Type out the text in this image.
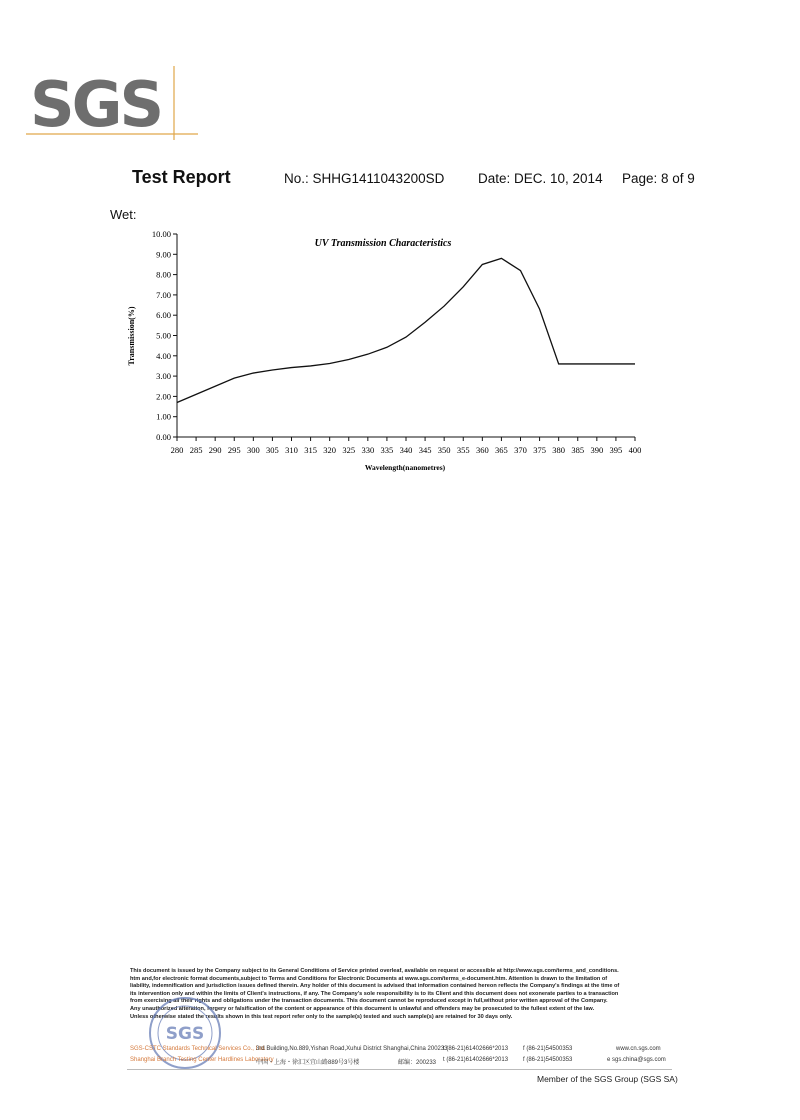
SGS
Test Report	No.: SHHG1411043200SD Date: DEC. 10, 2014 Page: 8 of 9
Wet:
UV Transmission Characteristics
0.00
1.00
2.00
3.00
4.00
5.00
6.00
7.00
8.00
9.00
10.00
280 285 290 295 300 305 310 315 320 325 330 335 340 345 350 355 360 365 370 375 380 385 390 395 400
Wavelength(nanometres)
Transmission(%)

This document is issued by the Company subject to its General Conditions of Service printed overleaf, available on request or accessible at http://www.sgs.com/terms_and_conditions.

htm and,for electronic format documents,subject to Terms and Conditions for Electronic Documents at www.sgs.com/terms_e-document.htm. Attention is drawn to the limitation of

liability, indemnification and jurisdiction issues defined therein. Any holder of this document is advised that information contained hereon reflects the Company's findings at the time of

its intervention only and within the limits of Client's instructions, if any. The Company's sole responsibility is to its Client and this document does not exonerate parties to a transaction

from exercising all their rights and obligations under the transaction documents. This document cannot be reproduced except in full,without prior written approval of the Company.

Any unauthorized alteration, forgery or falsification of the content or appearance of this document is unlawful and offenders may be prosecuted to the fullest extent of the law.

Unless otherwise stated the results shown in this test report refer only to the sample(s) tested and such sample(s) are retained for 30 days only.

SGS
SGS-CSTC Standards Technical Services Co., Ltd.
3rd Building,No.889,Yishan Road,Xuhui District Shanghai,China 200233
t (86-21)61402666*2013 f (86-21)54500353	www.cn.sgs.com
Shanghai Branch Testing Center Hardlines Laboratory
中国・上海・徐汇区宜山路889号3号楼	邮编：200233 t (86-21)61402666*2013 f (86-21)54500353	e sgs.china@sgs.com
Member of the SGS Group (SGS SA)
